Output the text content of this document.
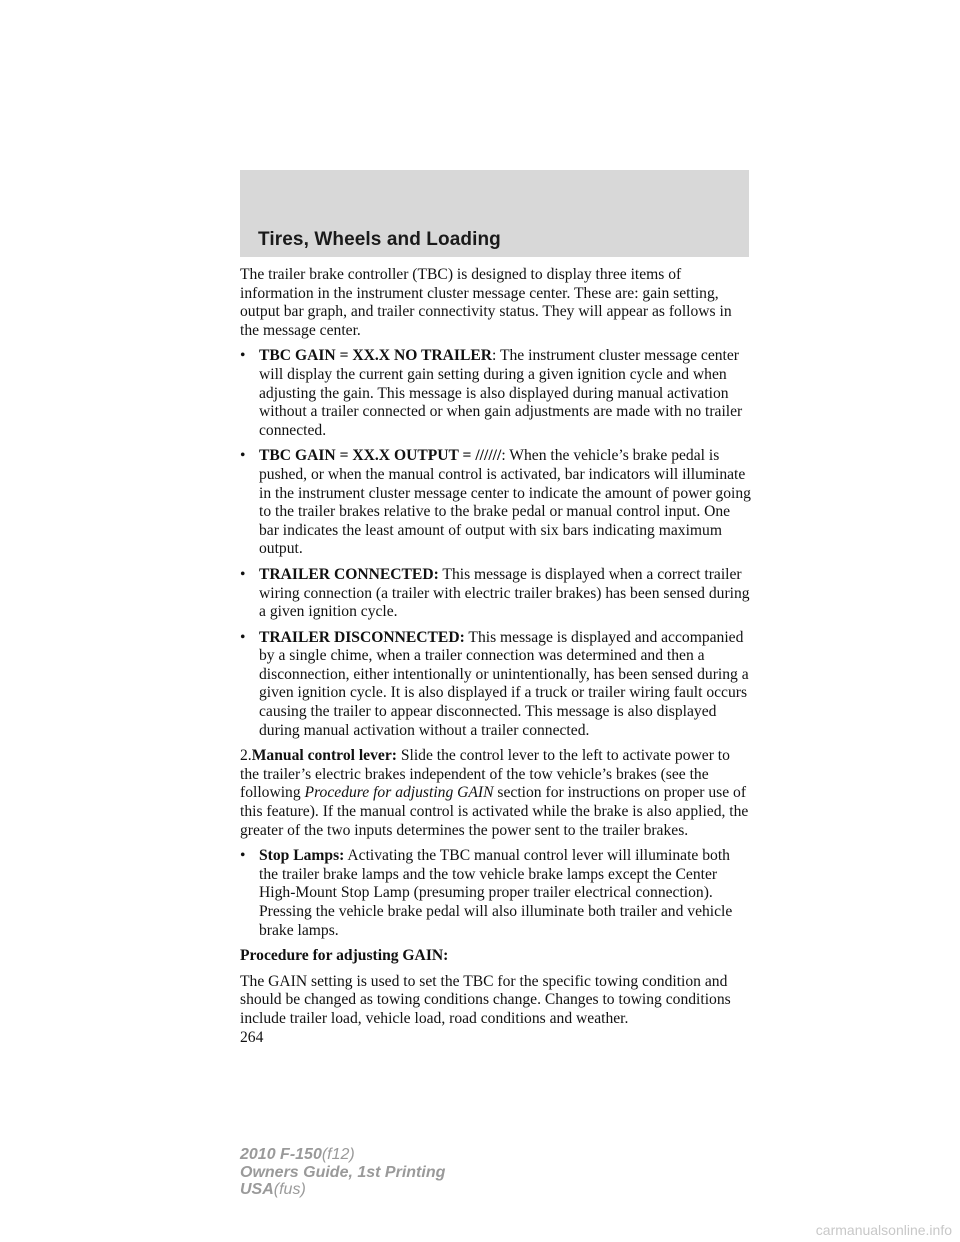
Tires, Wheels and Loading

The trailer brake controller (TBC) is designed to display three items of information in the instrument cluster message center. These are: gain setting, output bar graph, and trailer connectivity status. They will appear as follows in the message center.

• TBC GAIN = XX.X NO TRAILER: The instrument cluster message center will display the current gain setting during a given ignition cycle and when adjusting the gain. This message is also displayed during manual activation without a trailer connected or when gain adjustments are made with no trailer connected.
• TBC GAIN = XX.X OUTPUT = //////: When the vehicle’s brake pedal is pushed, or when the manual control is activated, bar indicators will illuminate in the instrument cluster message center to indicate the amount of power going to the trailer brakes relative to the brake pedal or manual control input. One bar indicates the least amount of output with six bars indicating maximum output.
• TRAILER CONNECTED: This message is displayed when a correct trailer wiring connection (a trailer with electric trailer brakes) has been sensed during a given ignition cycle.
• TRAILER DISCONNECTED: This message is displayed and accompanied by a single chime, when a trailer connection was determined and then a disconnection, either intentionally or unintentionally, has been sensed during a given ignition cycle. It is also displayed if a truck or trailer wiring fault occurs causing the trailer to appear disconnected. This message is also displayed during manual activation without a trailer connected.

2.Manual control lever: Slide the control lever to the left to activate power to the trailer’s electric brakes independent of the tow vehicle’s brakes (see the following Procedure for adjusting GAIN section for instructions on proper use of this feature). If the manual control is activated while the brake is also applied, the greater of the two inputs determines the power sent to the trailer brakes.

• Stop Lamps: Activating the TBC manual control lever will illuminate both the trailer brake lamps and the tow vehicle brake lamps except the Center High-Mount Stop Lamp (presuming proper trailer electrical connection). Pressing the vehicle brake pedal will also illuminate both trailer and vehicle brake lamps.

Procedure for adjusting GAIN:

The GAIN setting is used to set the TBC for the specific towing condition and should be changed as towing conditions change. Changes to towing conditions include trailer load, vehicle load, road conditions and weather.

264
2010 F-150(f12)
Owners Guide, 1st Printing
USA(fus)
carmanualsonline.info
